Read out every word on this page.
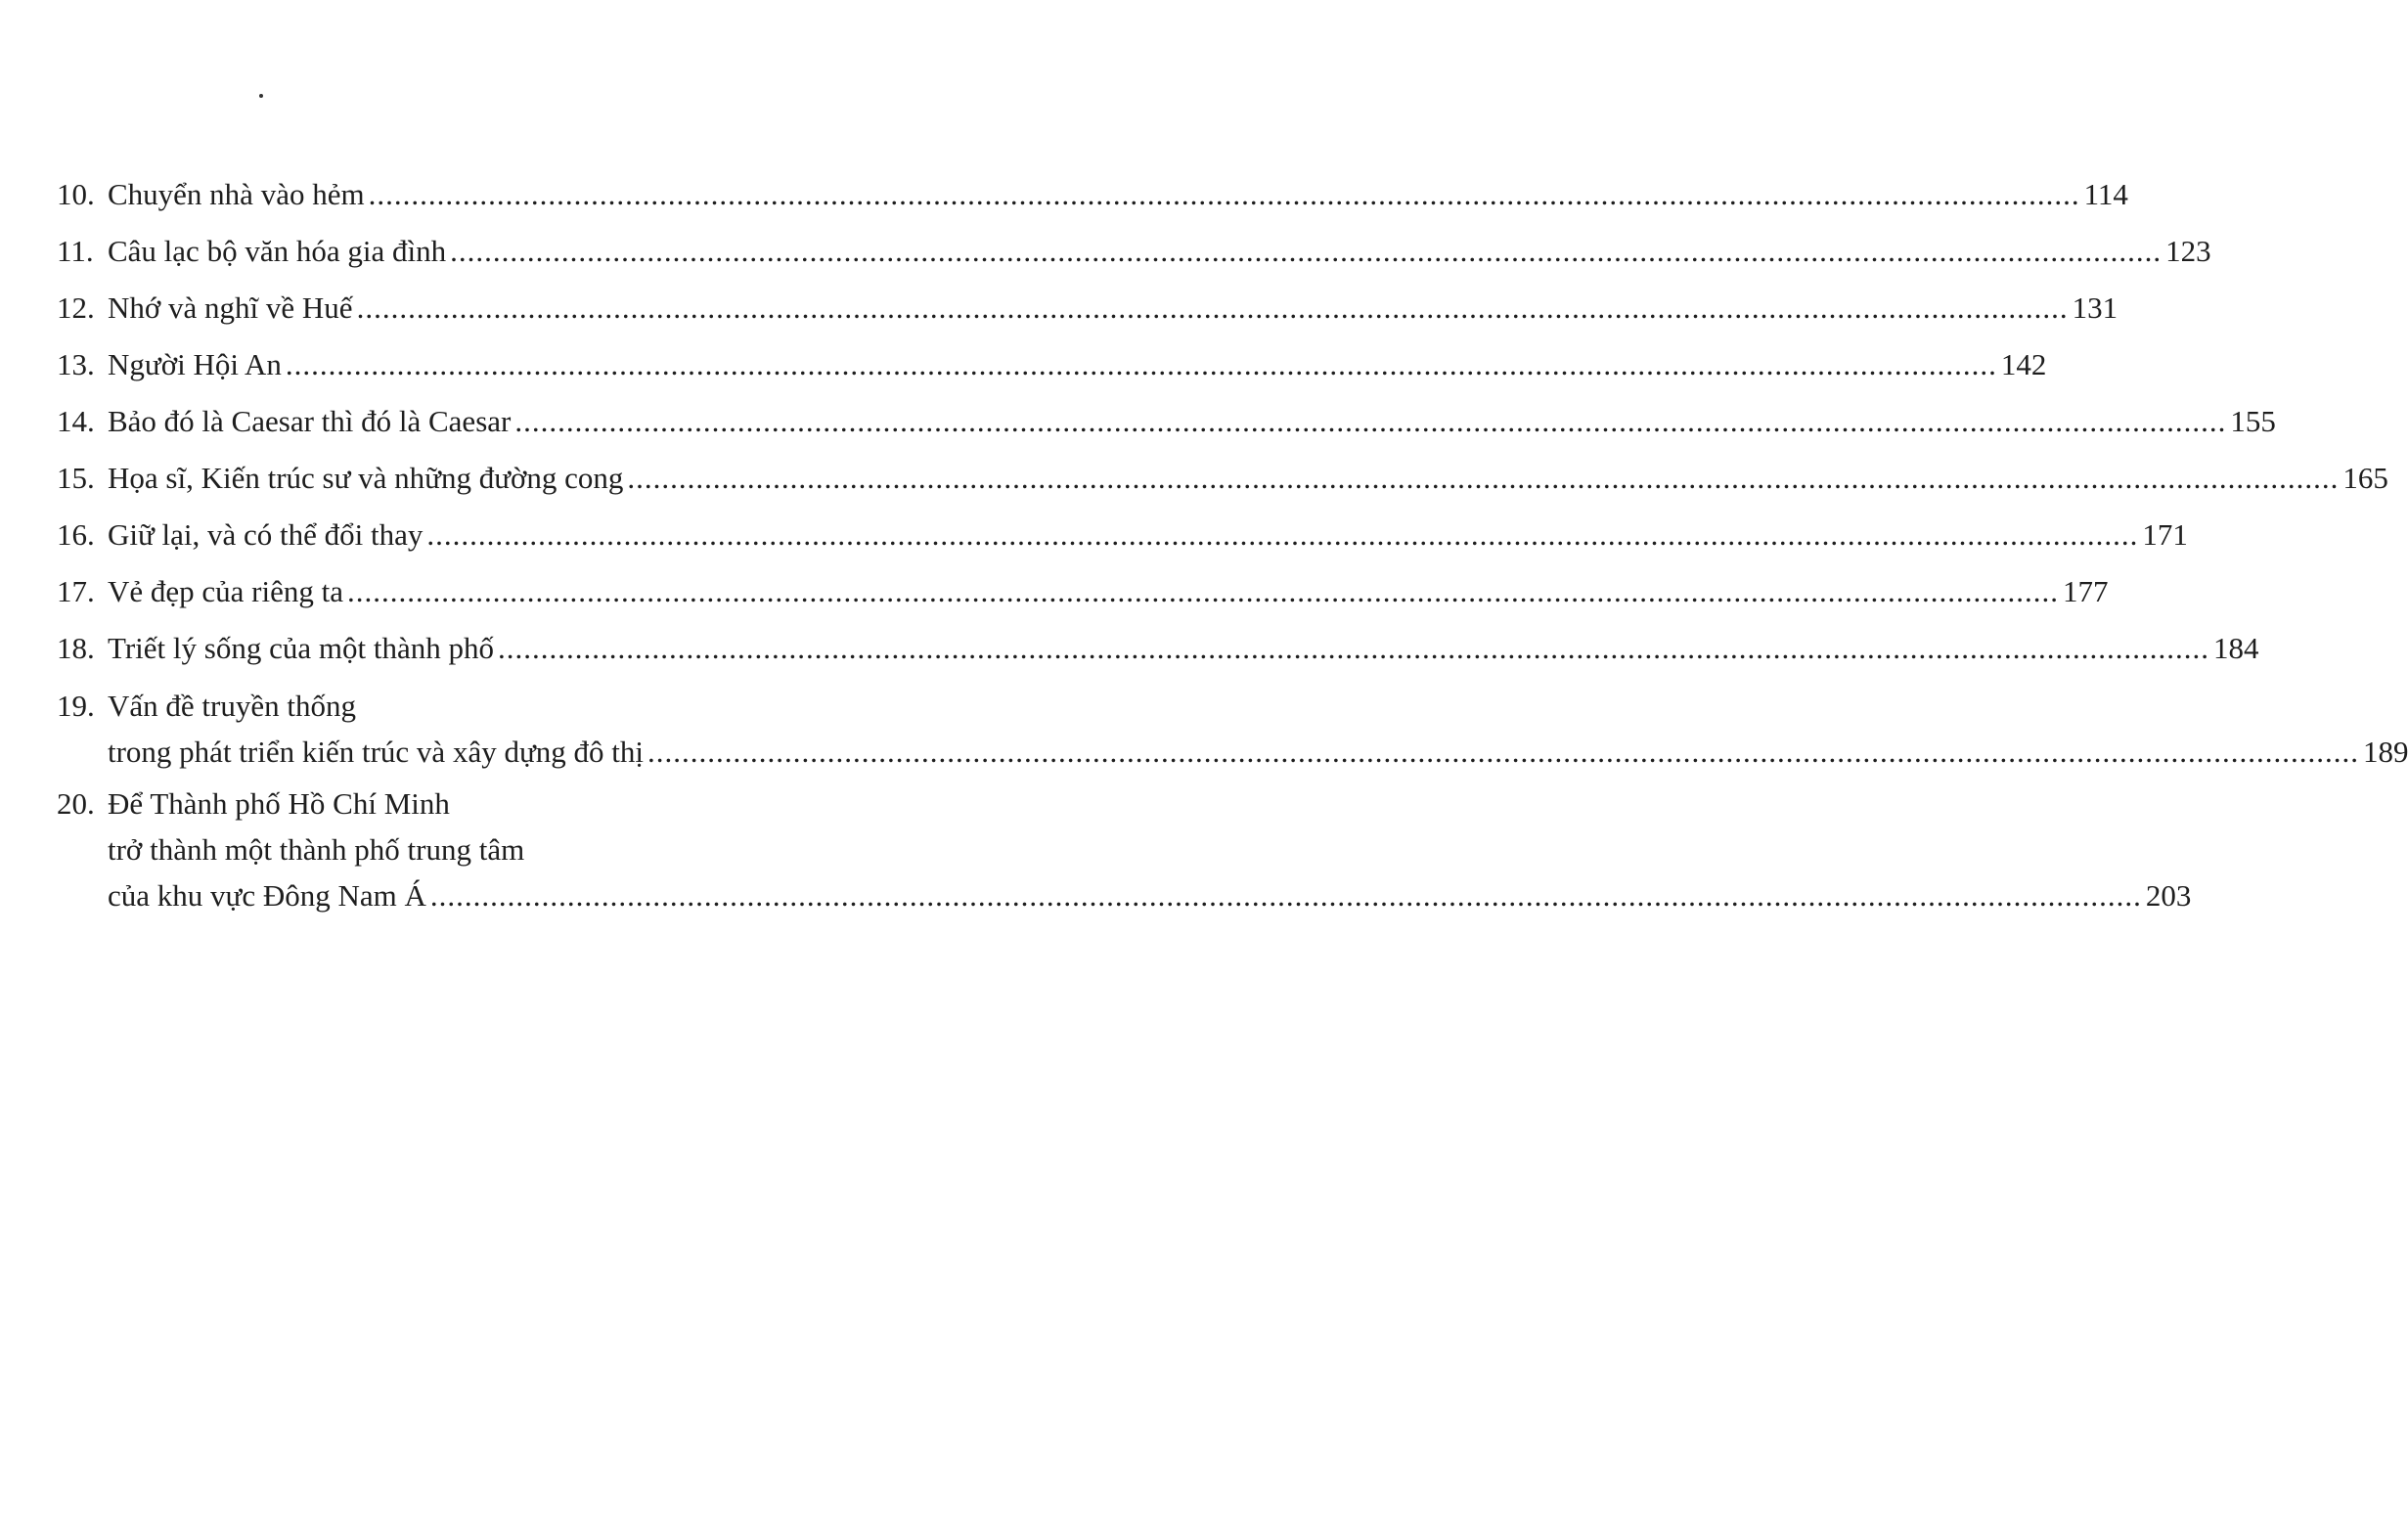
10. Chuyển nhà vào hẻm .....	114
11. Câu lạc bộ văn hóa gia đình .....	123
12. Nhớ và nghĩ về Huế .....	131
13. Người Hội An .....	142
14. Bảo đó là Caesar thì đó là Caesar .....	155
15. Họa sĩ, Kiến trúc sư và những đường cong .....	165
16. Giữ lại, và có thể đổi thay .....	171
17. Vẻ đẹp của riêng ta .....	177
18. Triết lý sống của một thành phố .....	184
19. Vấn đề truyền thống
trong phát triển kiến trúc và xây dựng đô thị .....	189
20. Để Thành phố Hồ Chí Minh
trở thành một thành phố trung tâm
của khu vực Đông Nam Á .....	203
